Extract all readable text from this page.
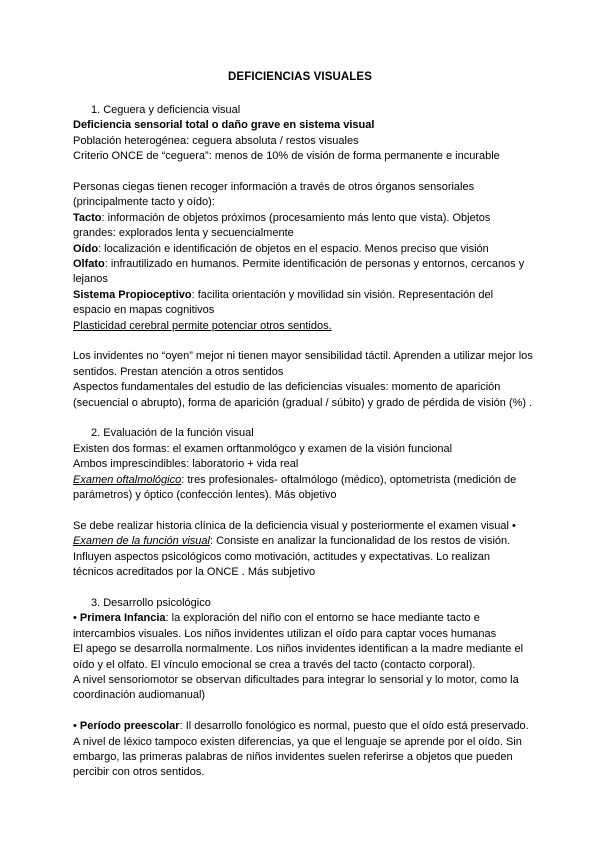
DEFICIENCIAS VISUALES

1. Ceguera y deficiencia visual

Deficiencia sensorial total o daño grave en sistema visual

Población heterogénea: ceguera absoluta / restos visuales

Criterio ONCE de “ceguera”: menos de 10% de visión de forma permanente e incurable

Personas ciegas tienen recoger información a través de otros órganos sensoriales (principalmente tacto y oído):

Tacto: información de objetos próximos (procesamiento más lento que vista). Objetos grandes: explorados lenta y secuencialmente

Oído: localización e identificación de objetos en el espacio. Menos preciso que visión

Olfato: infrautilizado en humanos. Permite identificación de personas y entornos, cercanos y lejanos

Sistema Propioceptivo: facilita orientación y movilidad sin visión. Representación del espacio en mapas cognitivos

Plasticidad cerebral permite potenciar otros sentidos.

Los invidentes no “oyen” mejor ni tienen mayor sensibilidad táctil. Aprenden a utilizar mejor los sentidos. Prestan atención a otros sentidos

Aspectos fundamentales del estudio de las deficiencias visuales: momento de aparición (secuencial o abrupto), forma de aparición (gradual / súbito) y grado de pérdida de visión (%) .

2. Evaluación de la función visual

Existen dos formas: el examen orftanmológco y examen de la visión funcional

Ambos imprescindibles: laboratorio + vida real

Examen oftalmológico: tres profesionales- oftalmólogo (médico), optometrista (medición de parámetros) y óptico (confección lentes). Más objetivo

Se debe realizar historia clínica de la deficiencia visual y posteriormente el examen visual •

Examen de la función visual: Consiste en analizar la funcionalidad de los restos de visión. Influyen aspectos psicológicos como motivación, actitudes y expectativas. Lo realizan técnicos acreditados por la ONCE . Más subjetivo

3. Desarrollo psicológico

• Primera Infancia: la exploración del niño con el entorno se hace mediante tacto e intercambios visuales. Los niños invidentes utilizan el oído para captar voces humanas

El apego se desarrolla normalmente. Los niños invidentes identifican a la madre mediante el oído y el olfato. El vínculo emocional se crea a través del tacto (contacto corporal).

A nivel sensoriomotor se observan dificultades para integrar lo sensorial y lo motor, como la coordinación audiomanual)

• Período preescolar: Il desarrollo fonológico es normal, puesto que el oído está preservado. A nivel de léxico tampoco existen diferencias, ya que el lenguaje se aprende por el oído. Sin embargo, las primeras palabras de niños invidentes suelen referirse a objetos que pueden percibir con otros sentidos.
